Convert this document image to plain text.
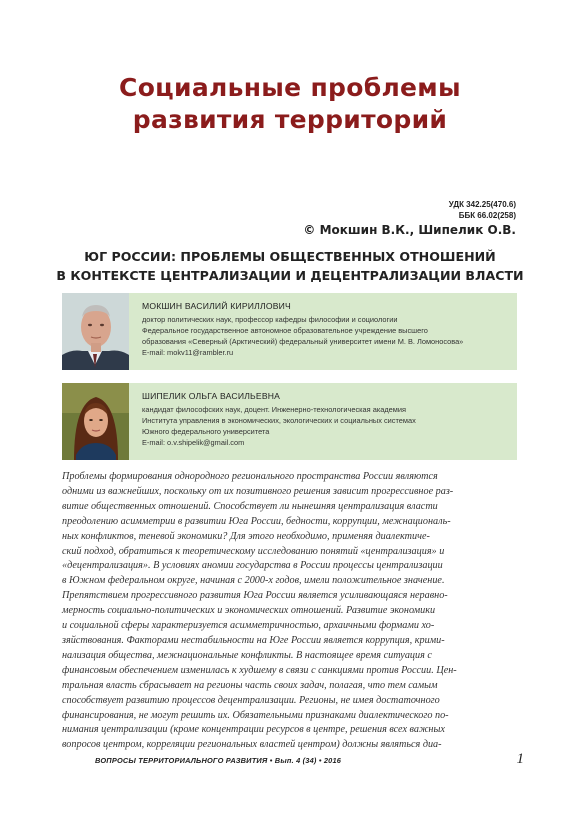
Социальные проблемы
развития территорий
УДК 342.25(470.6)
ББК 66.02(258)
© Мокшин В.К., Шипелик О.В.
ЮГ РОССИИ: ПРОБЛЕМЫ ОБЩЕСТВЕННЫХ ОТНОШЕНИЙ
В КОНТЕКСТЕ ЦЕНТРАЛИЗАЦИИ И ДЕЦЕНТРАЛИЗАЦИИ ВЛАСТИ
МОКШИН ВАСИЛИЙ КИРИЛЛОВИЧ
доктор политических наук, профессор кафедры философии и социологии
Федеральное государственное автономное образовательное учреждение высшего
образования «Северный (Арктический) федеральный университет имени М. В. Ломоносова»
E-mail: mokv11@rambler.ru
ШИПЕЛИК ОЛЬГА ВАСИЛЬЕВНА
кандидат философских наук, доцент. Инженерно-технологическая академия
Института управления в экономических, экологических и социальных системах
Южного федерального университета
E-mail: o.v.shipelik@gmail.com
Проблемы формирования однородного регионального пространства России являются
одними из важнейших, поскольку от их позитивного решения зависит прогрессивное раз-
витие общественных отношений. Способствует ли нынешняя централизация власти
преодолению асимметрии в развитии Юга России, бедности, коррупции, межнациональ-
ных конфликтов, теневой экономики? Для этого необходимо, применяя диалектиче-
ский подход, обратиться к теоретическому исследованию понятий «централизация» и
«децентрализация». В условиях аномии государства в России процессы централизации
в Южном федеральном округе, начиная с 2000-х годов, имели положительное значение.
Препятствием прогрессивного развития Юга России является усиливающаяся неравно-
мерность социально-политических и экономических отношений. Развитие экономики
и социальной сферы характеризуется асимметричностью, архаичными формами хо-
зяйствования. Факторами нестабильности на Юге России является коррупция, крими-
нализация общества, межнациональные конфликты. В настоящее время ситуация с
финансовым обеспечением изменилась к худшему в связи с санкциями против России. Цен-
тральная власть сбрасывает на регионы часть своих задач, полагая, что тем самым
способствует развитию процессов децентрализации. Регионы, не имея достаточного
финансирования, не могут решить их. Обязательными признаками диалектического по-
нимания централизации (кроме концентрации ресурсов в центре, решения всех важных
вопросов центром, корреляции региональных властей центром) должны являться диа-
ВОПРОСЫ ТЕРРИТОРИАЛЬНОГО РАЗВИТИЯ • Вып. 4 (34) • 2016	1
